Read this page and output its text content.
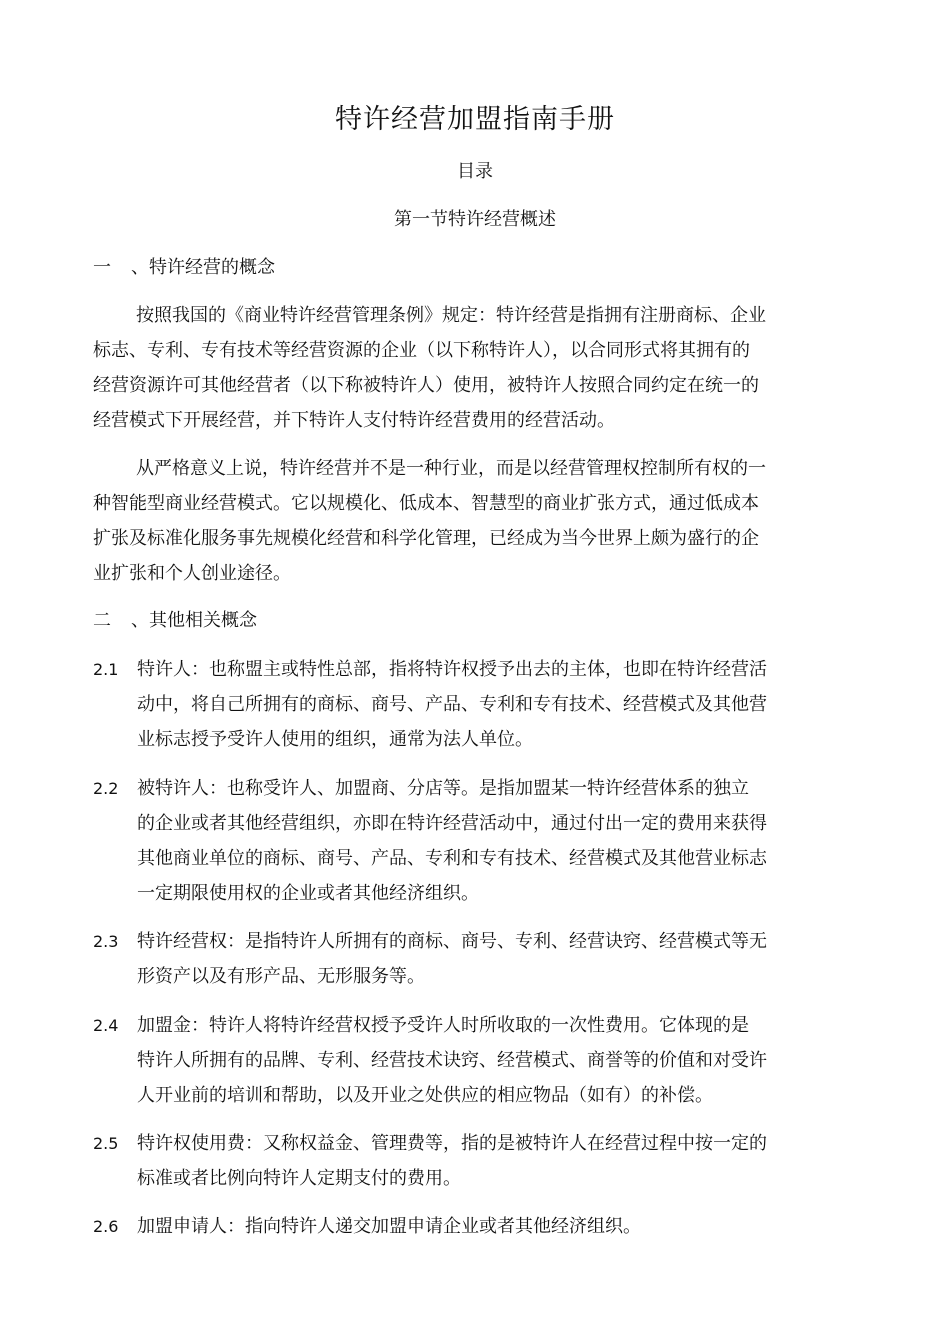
特许经营加盟指南手册
目录
第一节特许经营概述
一 、特许经营的概念
按照我国的《商业特许经营管理条例》规定：特许经营是指拥有注册商标、企业
标志、专利、专有技术等经营资源的企业（以下称特许人），以合同形式将其拥有的
经营资源许可其他经营者（以下称被特许人）使用，被特许人按照合同约定在统一的
经营模式下开展经营，并下特许人支付特许经营费用的经营活动。
从严格意义上说，特许经营并不是一种行业，而是以经营管理权控制所有权的一
种智能型商业经营模式。它以规模化、低成本、智慧型的商业扩张方式，通过低成本
扩张及标准化服务事先规模化经营和科学化管理，已经成为当今世界上颇为盛行的企
业扩张和个人创业途径。
二 、其他相关概念
2.1	特许人：也称盟主或特性总部，指将特许权授予出去的主体，也即在特许经营活
动中，将自己所拥有的商标、商号、产品、专利和专有技术、经营模式及其他营
业标志授予受许人使用的组织，通常为法人单位。
2.2	被特许人：也称受许人、加盟商、分店等。是指加盟某一特许经营体系的独立
的企业或者其他经营组织，亦即在特许经营活动中，通过付出一定的费用来获得
其他商业单位的商标、商号、产品、专利和专有技术、经营模式及其他营业标志
一定期限使用权的企业或者其他经济组织。
2.3	特许经营权：是指特许人所拥有的商标、商号、专利、经营诀窍、经营模式等无
形资产以及有形产品、无形服务等。
2.4	加盟金：特许人将特许经营权授予受许人时所收取的一次性费用。它体现的是
特许人所拥有的品牌、专利、经营技术诀窍、经营模式、商誉等的价值和对受许
人开业前的培训和帮助，以及开业之处供应的相应物品（如有）的补偿。
2.5	特许权使用费：又称权益金、管理费等，指的是被特许人在经营过程中按一定的
标准或者比例向特许人定期支付的费用。
2.6	加盟申请人：指向特许人递交加盟申请企业或者其他经济组织。
